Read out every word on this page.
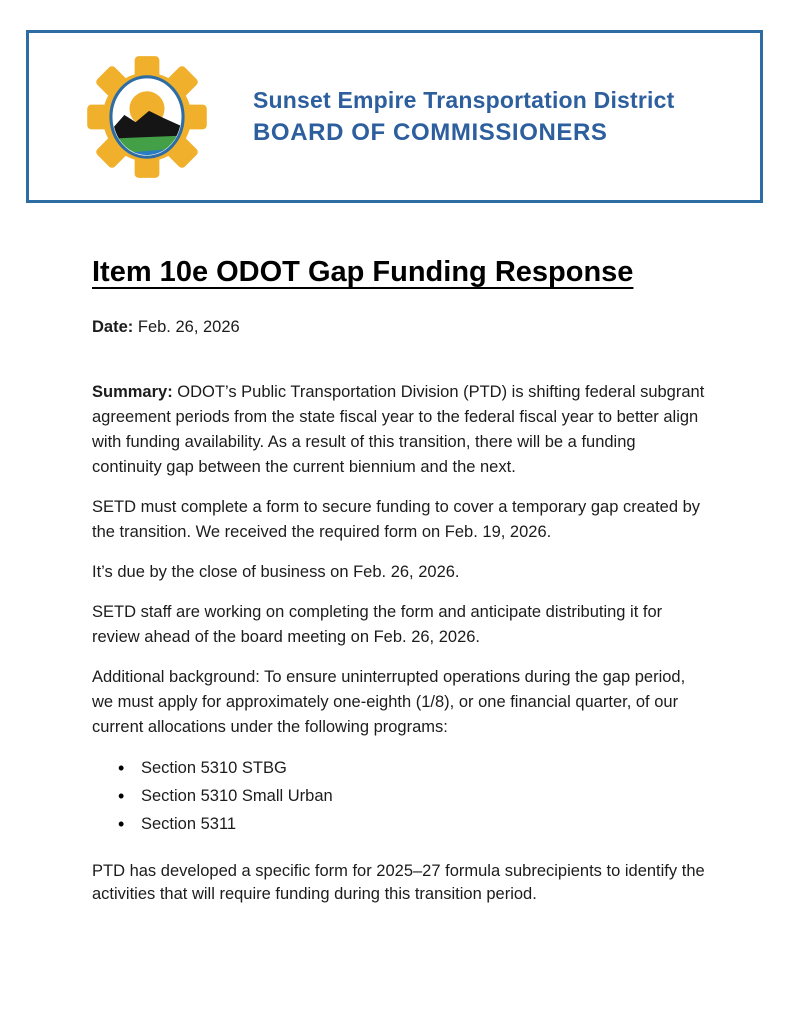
Sunset Empire Transportation District
BOARD OF COMMISSIONERS
Item 10e ODOT Gap Funding Response

Date: Feb. 26, 2026

Summary: ODOT’s Public Transportation Division (PTD) is shifting federal subgrant agreement periods from the state fiscal year to the federal fiscal year to better align with funding availability. As a result of this transition, there will be a funding continuity gap between the current biennium and the next.

SETD must complete a form to secure funding to cover a temporary gap created by the transition. We received the required form on Feb. 19, 2026.

It’s due by the close of business on Feb. 26, 2026.

SETD staff are working on completing the form and anticipate distributing it for review ahead of the board meeting on Feb. 26, 2026.

Additional background: To ensure uninterrupted operations during the gap period, we must apply for approximately one-eighth (1/8), or one financial quarter, of our current allocations under the following programs:

• Section 5310 STBG
• Section 5310 Small Urban
• Section 5311

PTD has developed a specific form for 2025–27 formula subrecipients to identify the activities that will require funding during this transition period.
